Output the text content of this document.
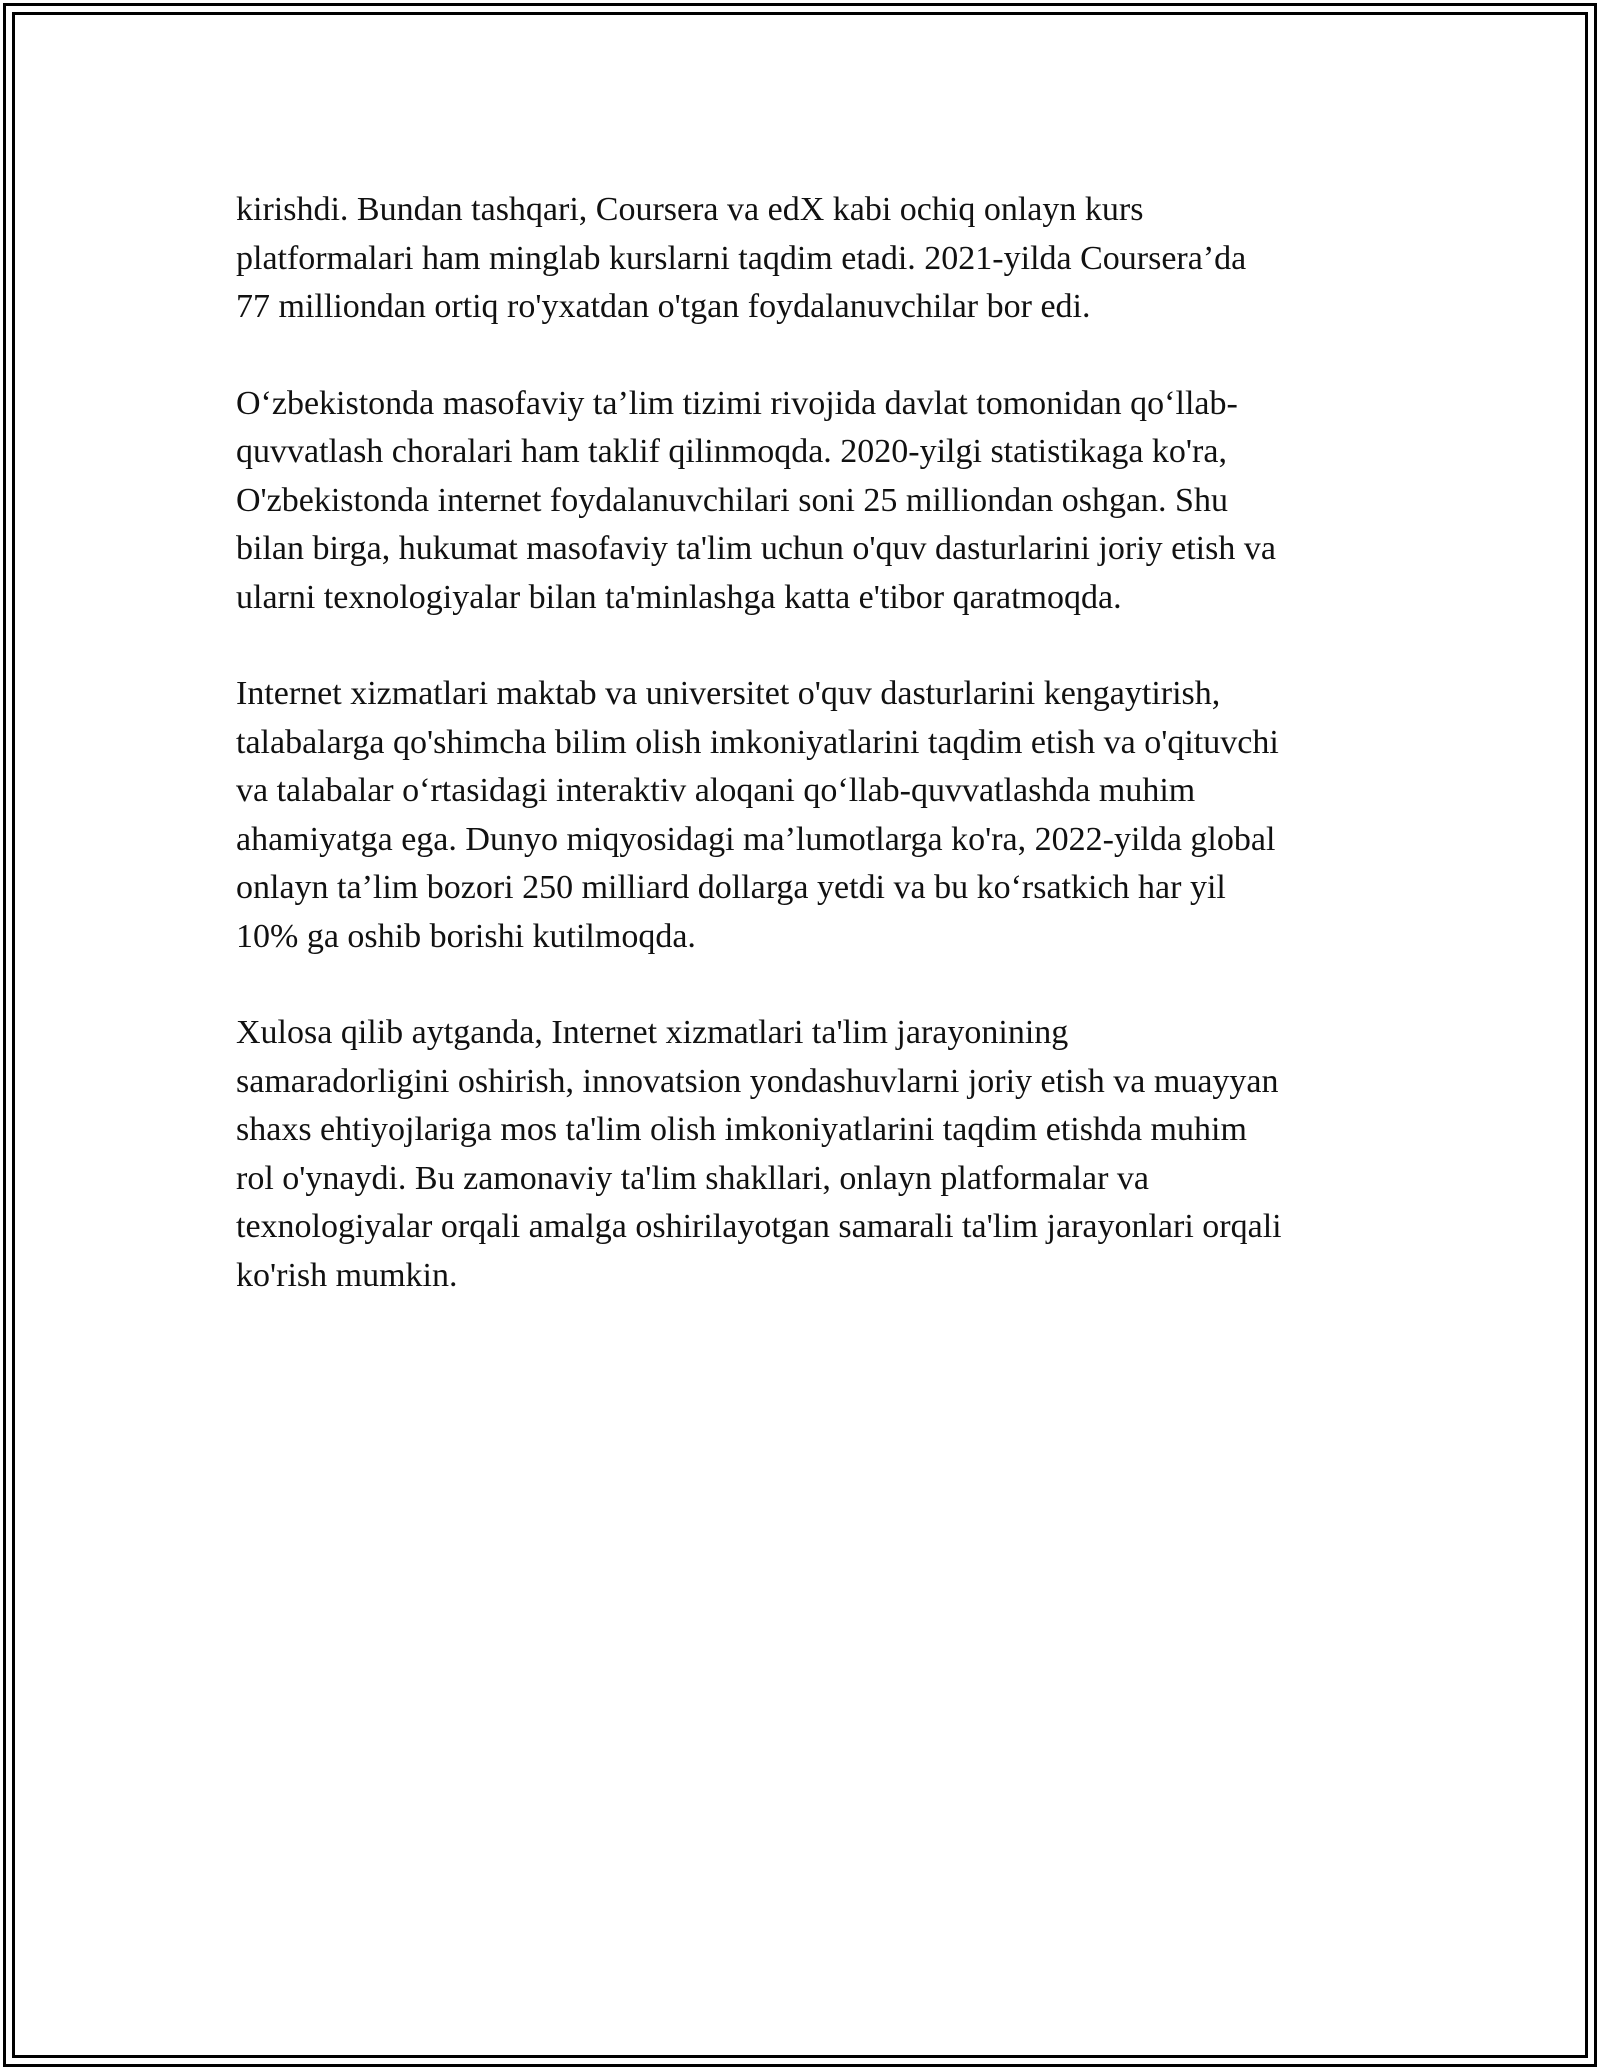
kirishdi. Bundan tashqari, Coursera va edX kabi ochiq onlayn kurs
platformalari ham minglab kurslarni taqdim etadi. 2021-yilda Coursera’da
77 milliondan ortiq ro'yxatdan o'tgan foydalanuvchilar bor edi.

O‘zbekistonda masofaviy ta’lim tizimi rivojida davlat tomonidan qo‘llab-
quvvatlash choralari ham taklif qilinmoqda. 2020-yilgi statistikaga ko'ra,
O'zbekistonda internet foydalanuvchilari soni 25 milliondan oshgan. Shu
bilan birga, hukumat masofaviy ta'lim uchun o'quv dasturlarini joriy etish va
ularni texnologiyalar bilan ta'minlashga katta e'tibor qaratmoqda.

Internet xizmatlari maktab va universitet o'quv dasturlarini kengaytirish,
talabalarga qo'shimcha bilim olish imkoniyatlarini taqdim etish va o'qituvchi
va talabalar o‘rtasidagi interaktiv aloqani qo‘llab-quvvatlashda muhim
ahamiyatga ega. Dunyo miqyosidagi ma’lumotlarga ko'ra, 2022-yilda global
onlayn ta’lim bozori 250 milliard dollarga yetdi va bu ko‘rsatkich har yil
10% ga oshib borishi kutilmoqda.

Xulosa qilib aytganda, Internet xizmatlari ta'lim jarayonining
samaradorligini oshirish, innovatsion yondashuvlarni joriy etish va muayyan
shaxs ehtiyojlariga mos ta'lim olish imkoniyatlarini taqdim etishda muhim
rol o'ynaydi. Bu zamonaviy ta'lim shakllari, onlayn platformalar va
texnologiyalar orqali amalga oshirilayotgan samarali ta'lim jarayonlari orqali
ko'rish mumkin.
